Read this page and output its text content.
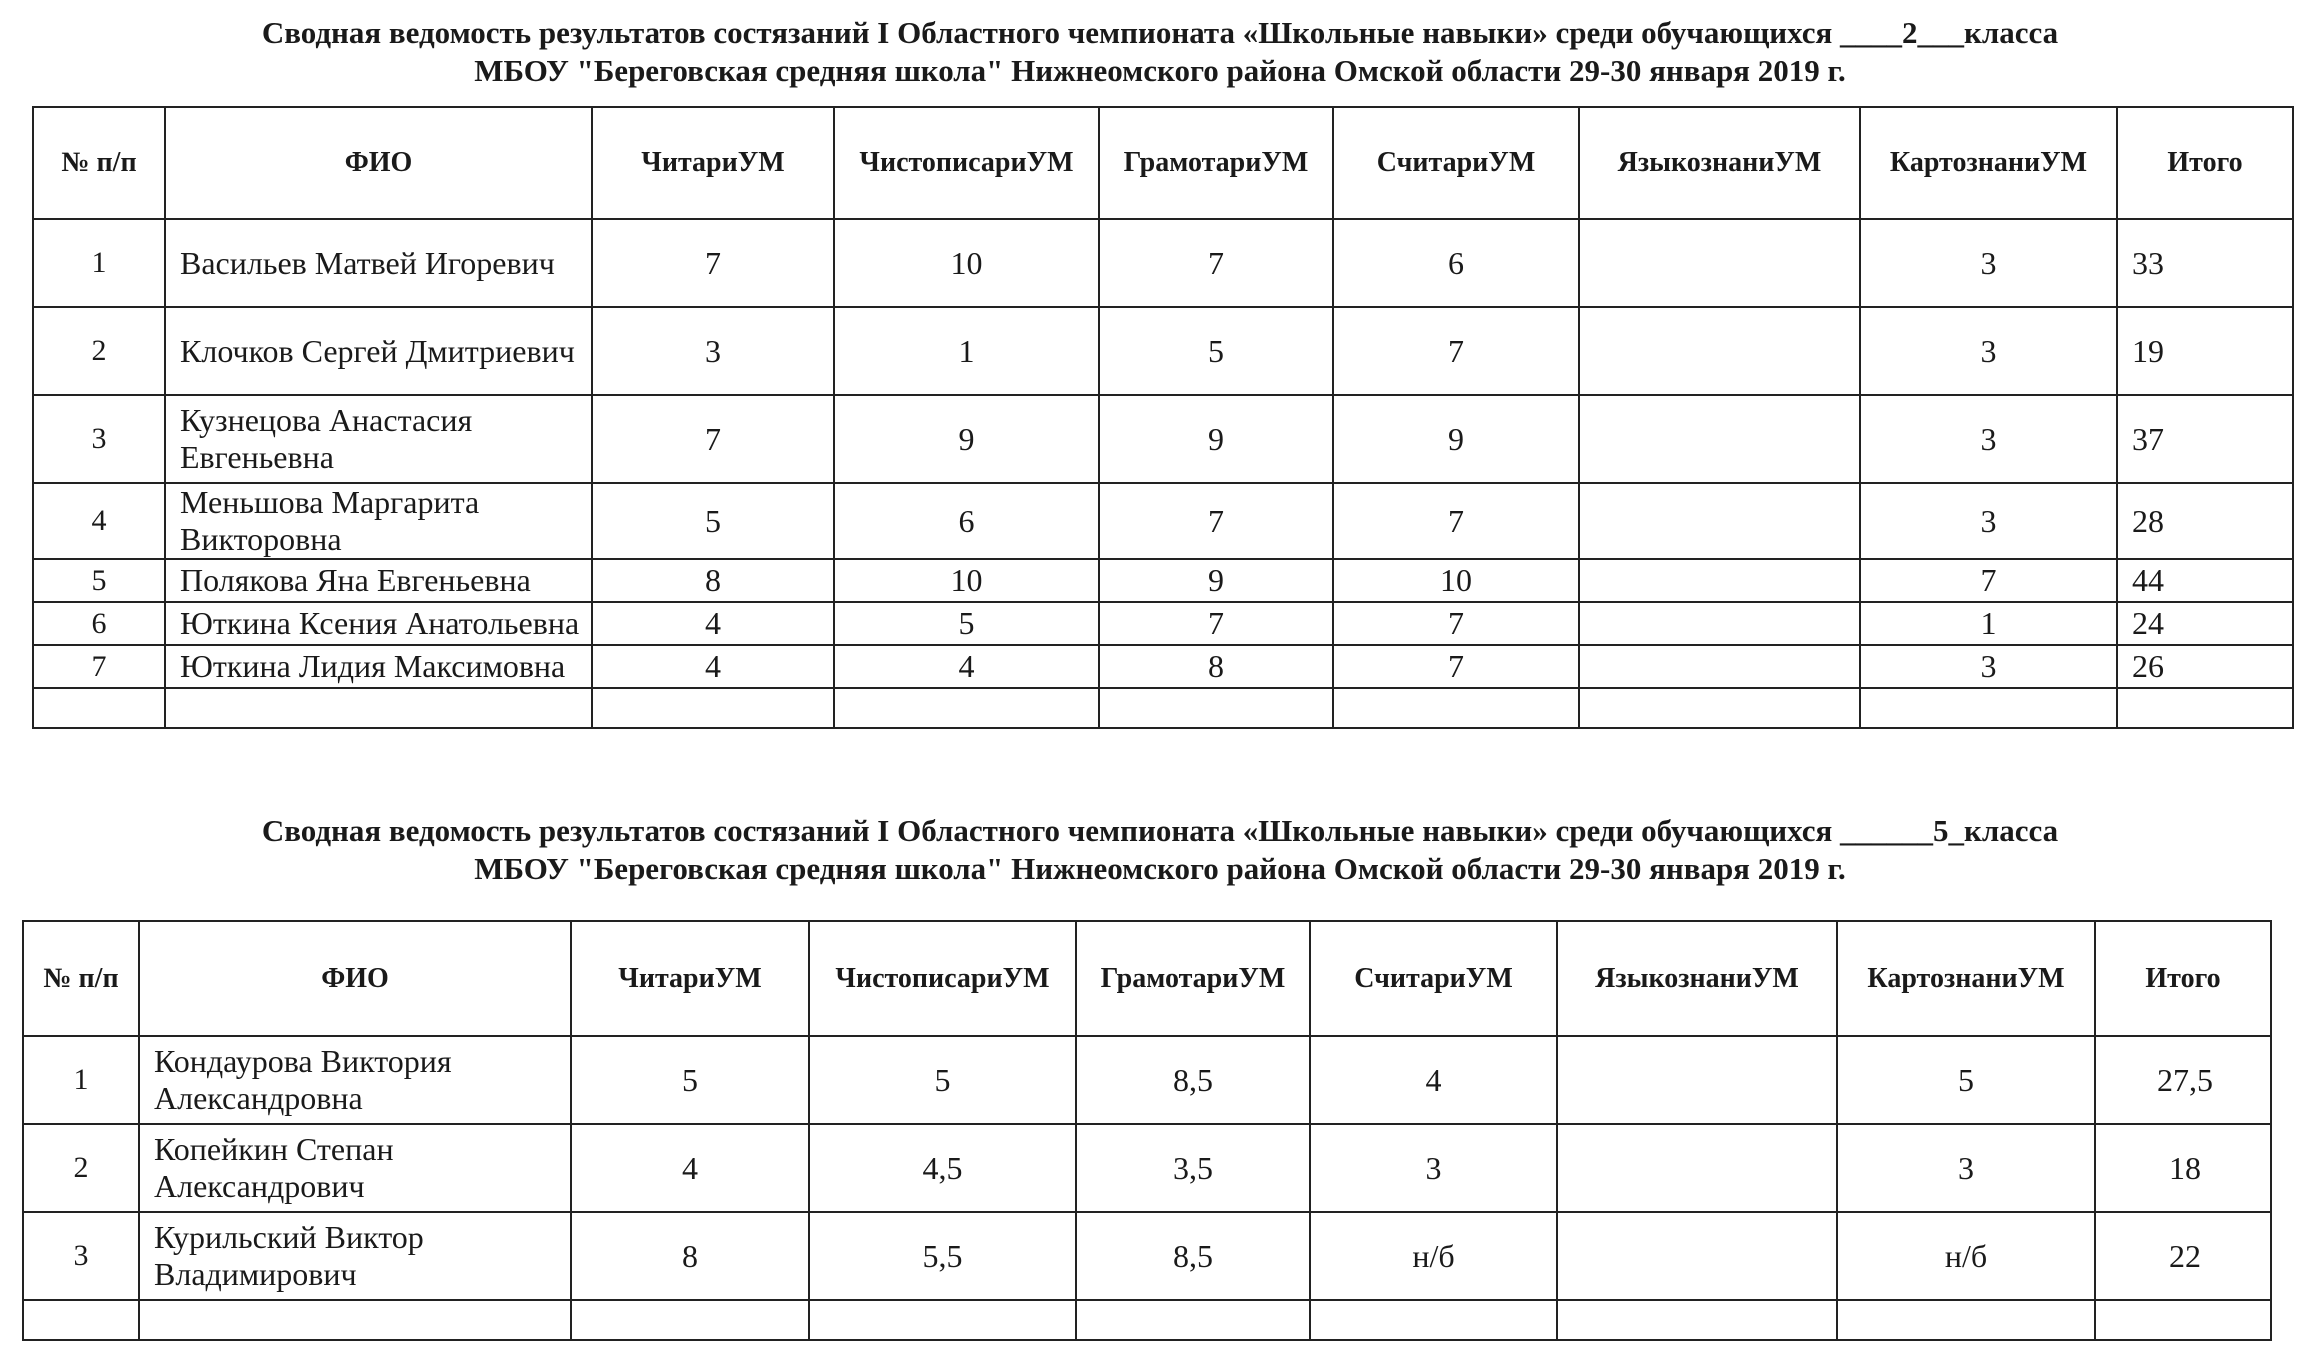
Сводная ведомость результатов состязаний I Областного чемпионата «Школьные навыки» среди обучающихся ____2___класса
МБОУ "Береговская средняя школа" Нижнеомского района Омской области 29-30 января 2019 г.
№ п/п	ФИО	ЧитариУМ	ЧистописариУМ	ГрамотариУМ	СчитариУМ	ЯзыкознаниУМ	КартознаниУМ	Итого
1	Васильев Матвей Игоревич	7	10	7	6		3	33
2	Клочков Сергей Дмитриевич	3	1	5	7		3	19
3	Кузнецова Анастасия Евгеньевна	7	9	9	9		3	37
4	Меньшова Маргарита Викторовна	5	6	7	7		3	28
5	Полякова Яна Евгеньевна	8	10	9	10		7	44
6	Юткина Ксения Анатольевна	4	5	7	7		1	24
7	Юткина Лидия Максимовна	4	4	8	7		3	26

Сводная ведомость результатов состязаний I Областного чемпионата «Школьные навыки» среди обучающихся ______5_класса
МБОУ "Береговская средняя школа" Нижнеомского района Омской области 29-30 января 2019 г.
№ п/п	ФИО	ЧитариУМ	ЧистописариУМ	ГрамотариУМ	СчитариУМ	ЯзыкознаниУМ	КартознаниУМ	Итого
1	Кондаурова Виктория Александровна	5	5	8,5	4		5	27,5
2	Копейкин Степан Александрович	4	4,5	3,5	3		3	18
3	Курильский Виктор Владимирович	8	5,5	8,5	н/б		н/б	22
